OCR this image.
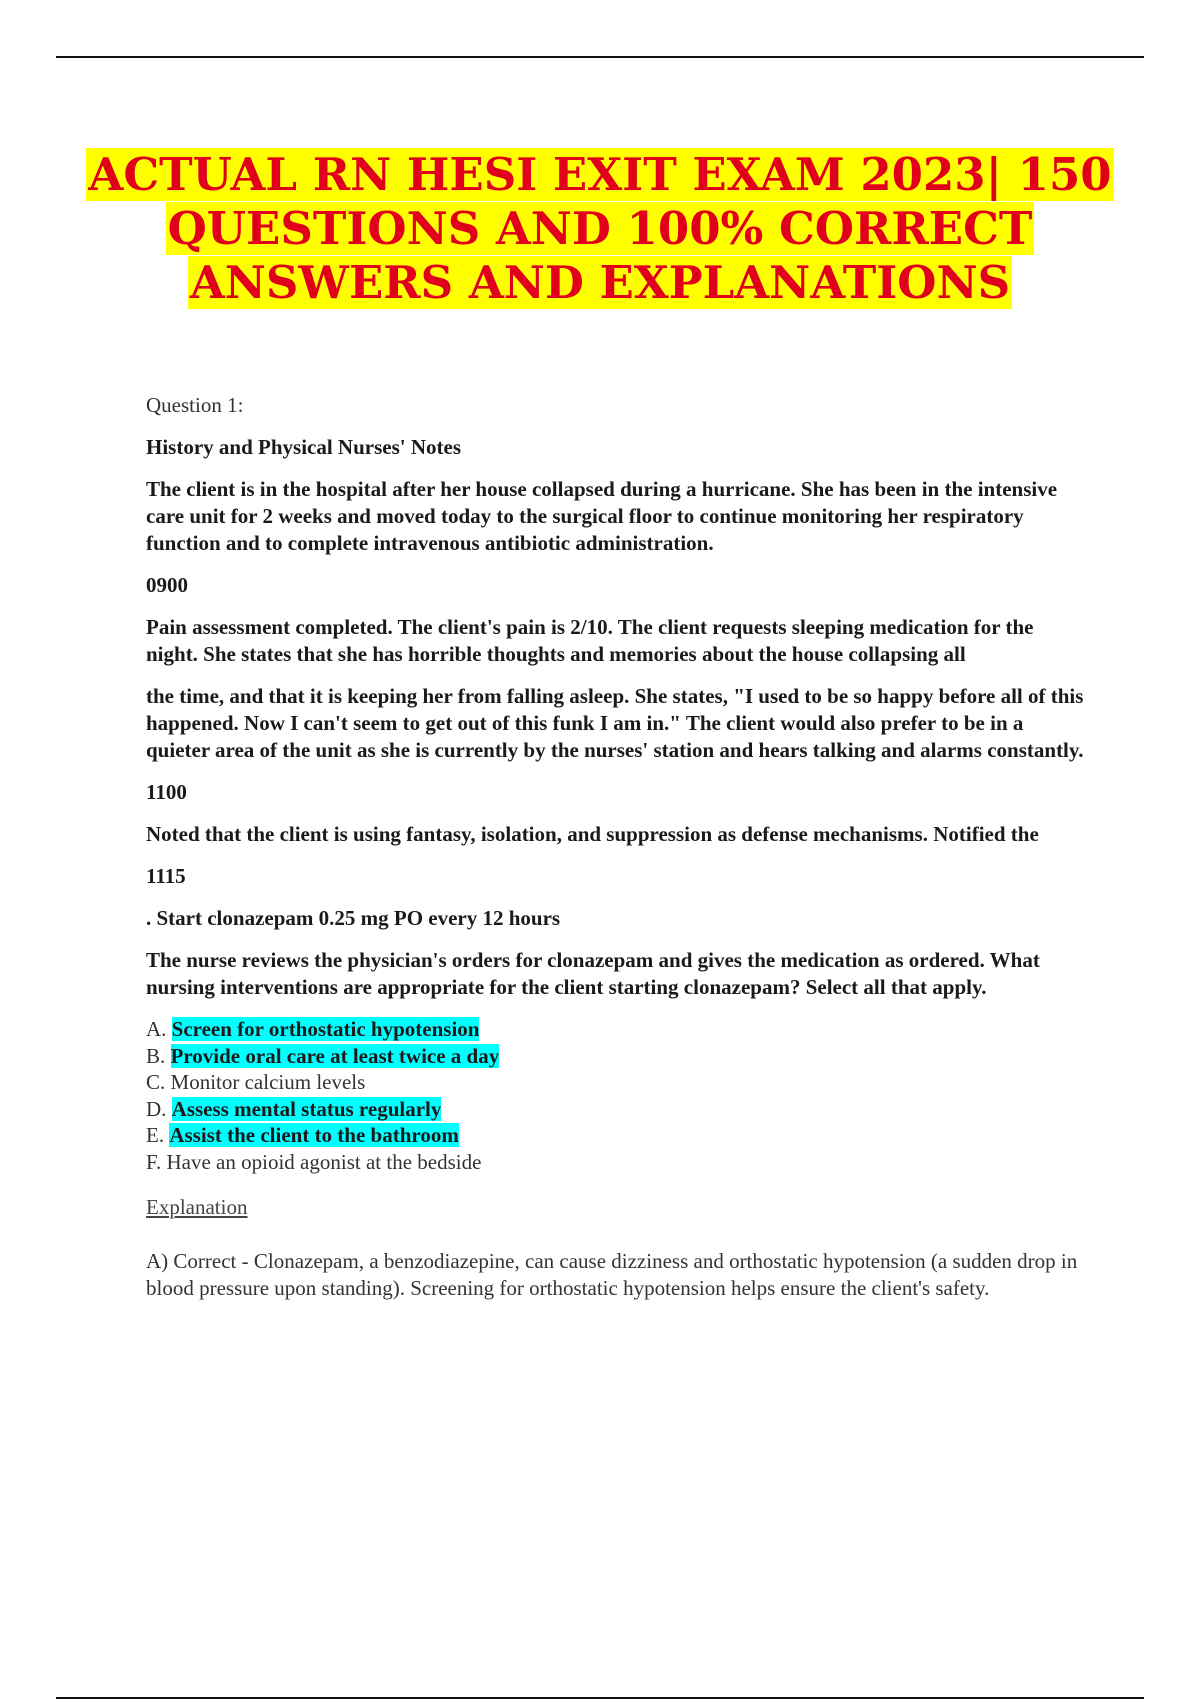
ACTUAL RN HESI EXIT EXAM 2023| 150 QUESTIONS AND 100% CORRECT ANSWERS AND EXPLANATIONS

Question 1:

History and Physical Nurses' Notes

The client is in the hospital after her house collapsed during a hurricane. She has been in the intensive care unit for 2 weeks and moved today to the surgical floor to continue monitoring her respiratory function and to complete intravenous antibiotic administration.

0900

Pain assessment completed. The client's pain is 2/10. The client requests sleeping medication for the night. She states that she has horrible thoughts and memories about the house collapsing all

the time, and that it is keeping her from falling asleep. She states, "I used to be so happy before all of this happened. Now I can't seem to get out of this funk I am in." The client would also prefer to be in a quieter area of the unit as she is currently by the nurses' station and hears talking and alarms constantly.

1100

Noted that the client is using fantasy, isolation, and suppression as defense mechanisms. Notified the

1115

. Start clonazepam 0.25 mg PO every 12 hours

The nurse reviews the physician's orders for clonazepam and gives the medication as ordered. What nursing interventions are appropriate for the client starting clonazepam? Select all that apply.

A. Screen for orthostatic hypotension
B. Provide oral care at least twice a day
C. Monitor calcium levels
D. Assess mental status regularly
E. Assist the client to the bathroom
F. Have an opioid agonist at the bedside

Explanation

A) Correct - Clonazepam, a benzodiazepine, can cause dizziness and orthostatic hypotension (a sudden drop in blood pressure upon standing). Screening for orthostatic hypotension helps ensure the client's safety.
